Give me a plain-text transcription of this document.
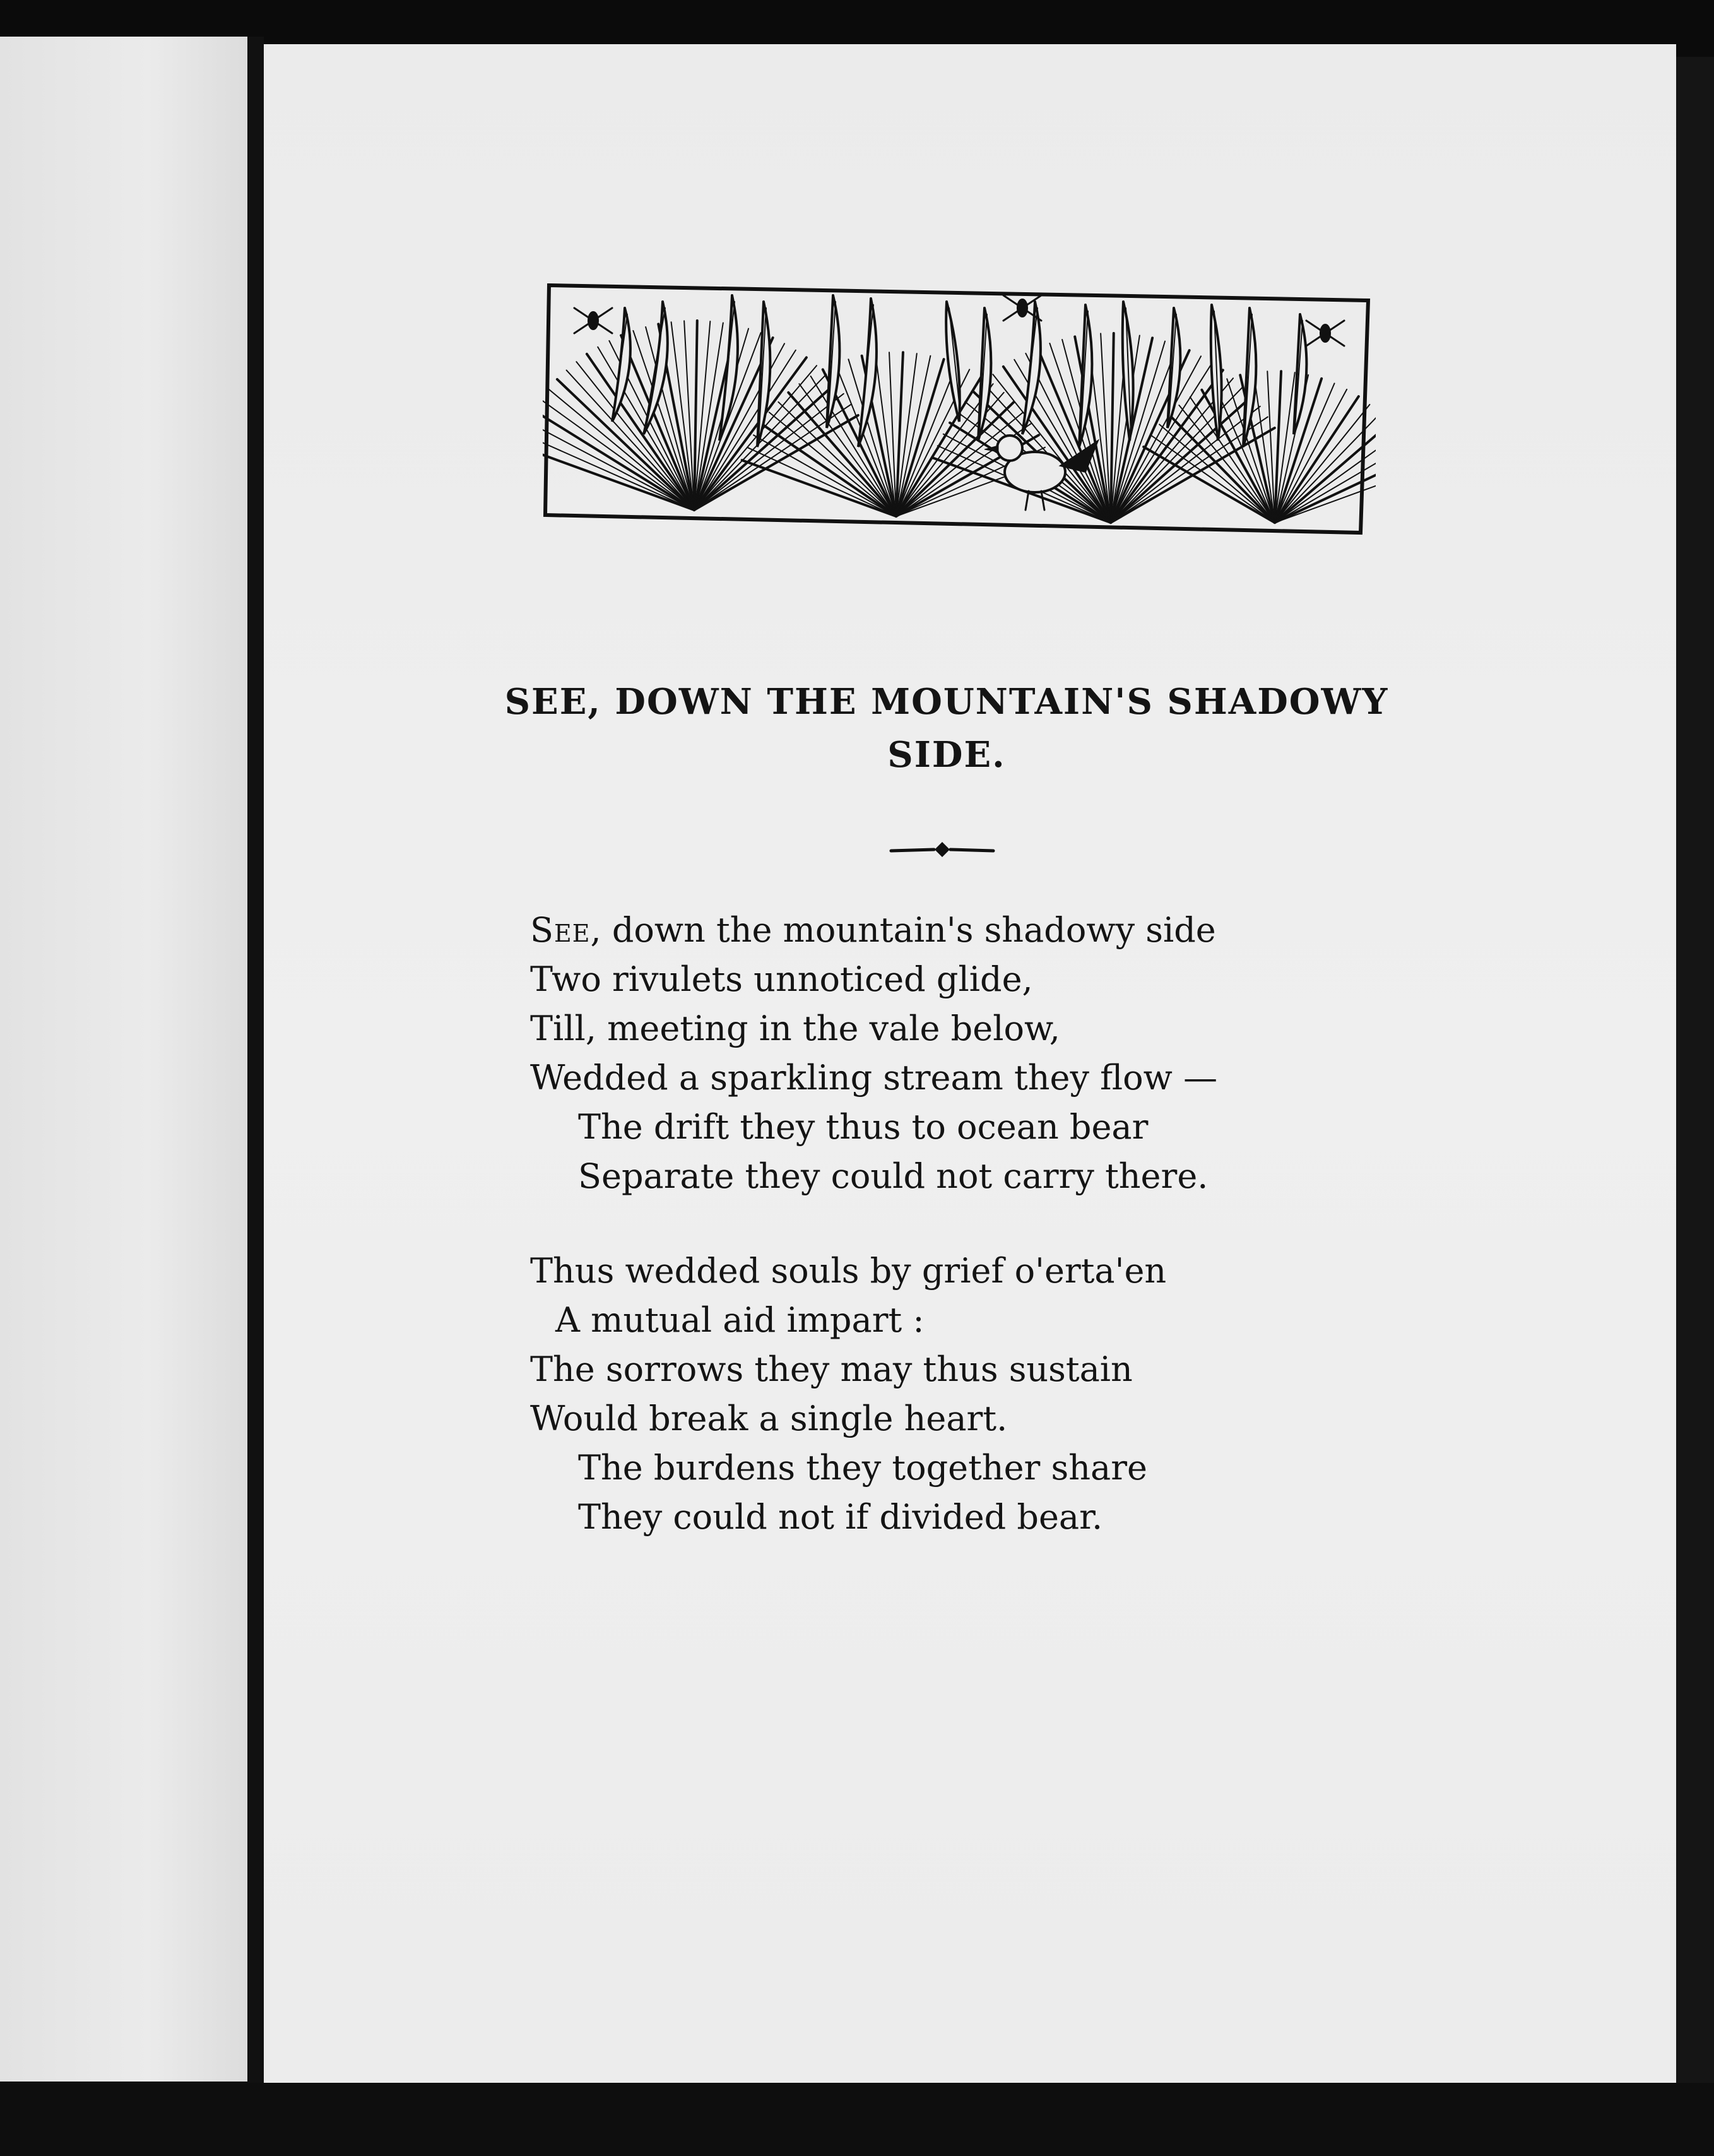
SEE, DOWN THE MOUNTAIN'S SHADOWY
SIDE.
See, down the mountain's shadowy side
Two rivulets unnoticed glide,
Till, meeting in the vale below,
Wedded a sparkling stream they flow —
The drift they thus to ocean bear
Separate they could not carry there.
Thus wedded souls by grief o'erta'en
A mutual aid impart :
The sorrows they may thus sustain
Would break a single heart.
The burdens they together share
They could not if divided bear.
